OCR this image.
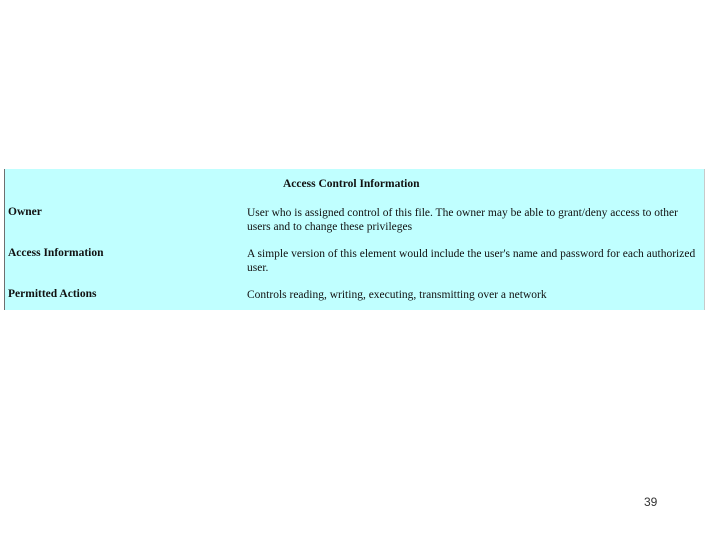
Access Control Information
Owner	User who is assigned control of this file. The owner may be able to grant/deny access to other users and to change these privileges
Access Information	A simple version of this element would include the user's name and password for each authorized user.
Permitted Actions	Controls reading, writing, executing, transmitting over a network
39
